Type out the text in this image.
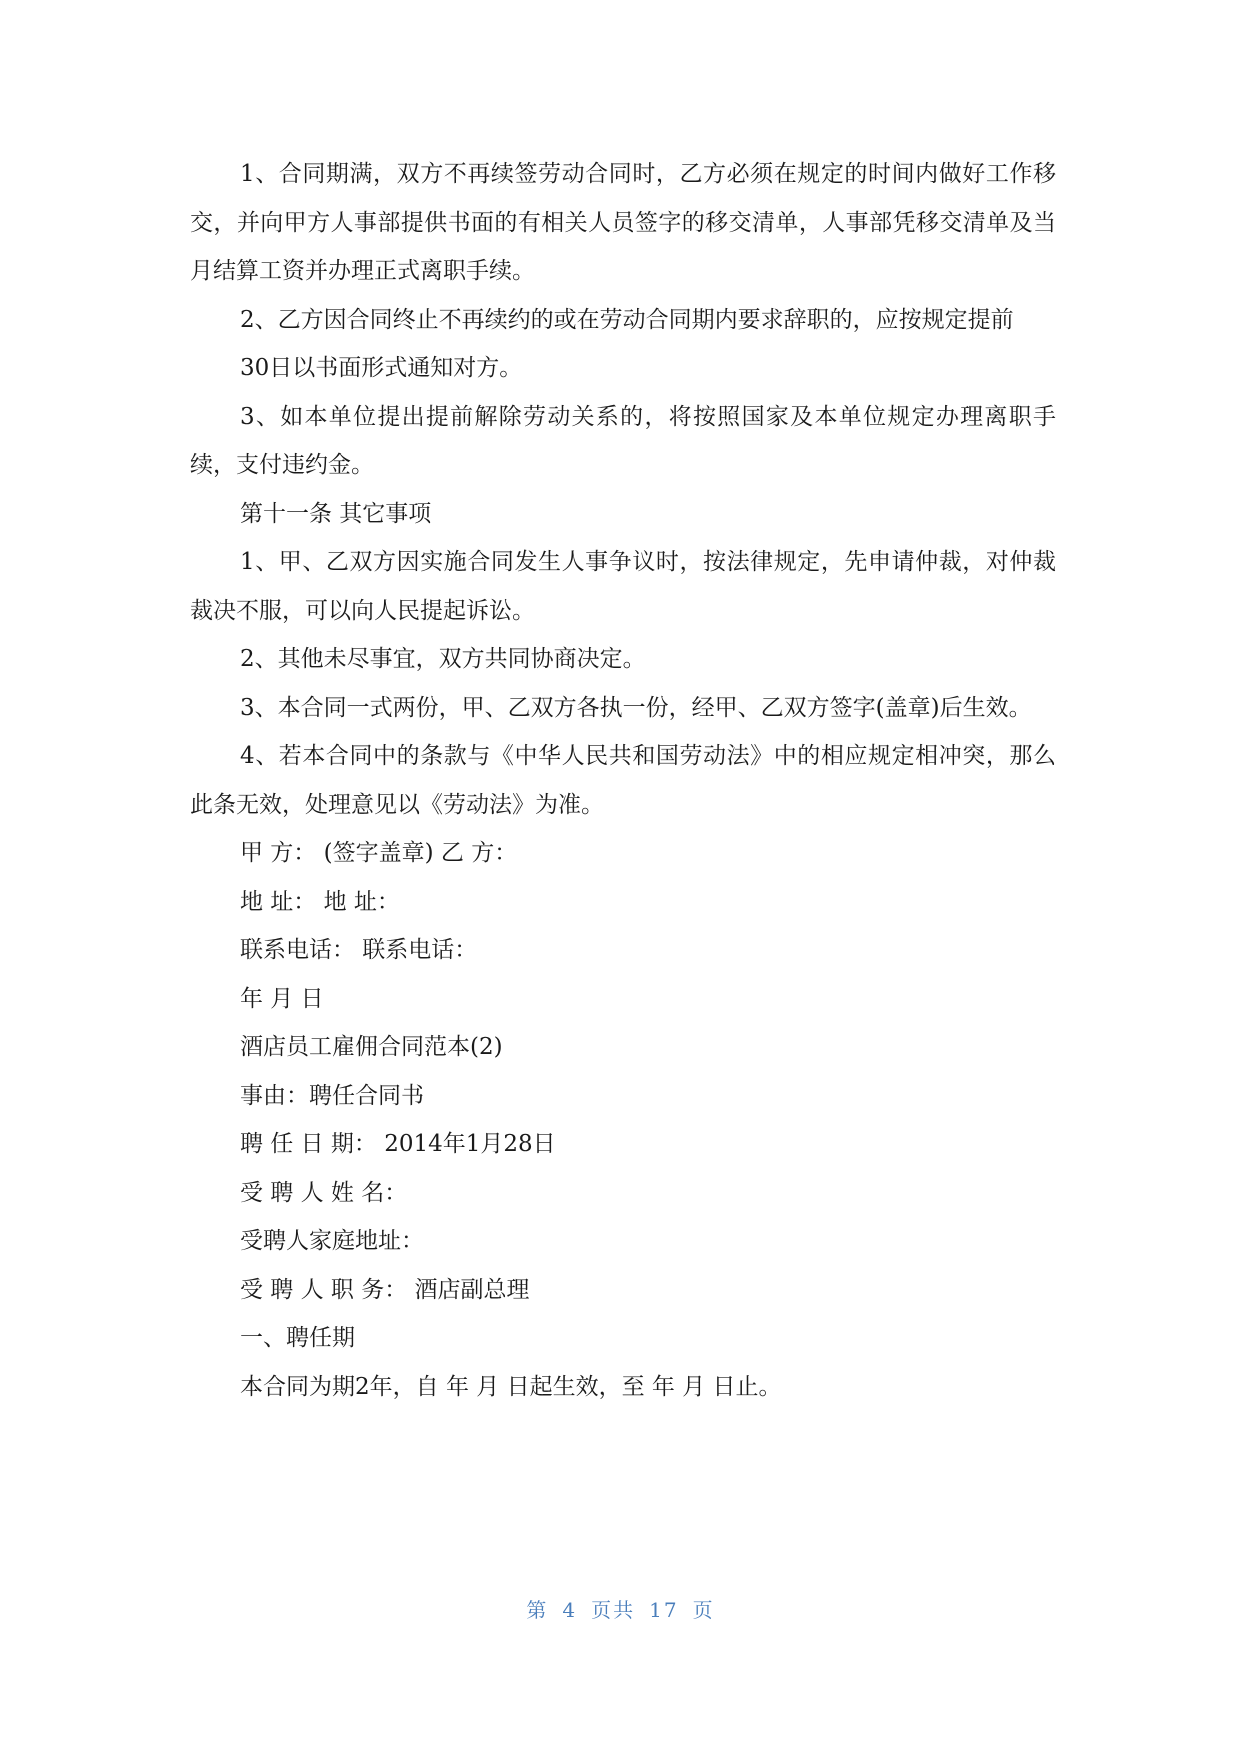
1、合同期满，双方不再续签劳动合同时，乙方必须在规定的时间内做好工作移交，并向甲方人事部提供书面的有相关人员签字的移交清单，人事部凭移交清单及当月结算工资并办理正式离职手续。

2、乙方因合同终止不再续约的或在劳动合同期内要求辞职的，应按规定提前

30日以书面形式通知对方。

3、如本单位提出提前解除劳动关系的，将按照国家及本单位规定办理离职手续，支付违约金。

第十一条 其它事项

1、甲、乙双方因实施合同发生人事争议时，按法律规定，先申请仲裁，对仲裁裁决不服，可以向人民提起诉讼。

2、其他未尽事宜，双方共同协商决定。

3、本合同一式两份，甲、乙双方各执一份，经甲、乙双方签字(盖章)后生效。

4、若本合同中的条款与《中华人民共和国劳动法》中的相应规定相冲突，那么此条无效，处理意见以《劳动法》为准。

甲 方： (签字盖章) 乙 方：

地 址： 地 址：

联系电话： 联系电话：

年 月 日

酒店员工雇佣合同范本(2)

事由：聘任合同书

聘 任 日 期： 2014年1月28日

受 聘 人 姓 名：

受聘人家庭地址：

受 聘 人 职 务： 酒店副总理

一、聘任期

本合同为期2年，自 年 月 日起生效，至 年 月 日止。

第 4 页共 17 页
